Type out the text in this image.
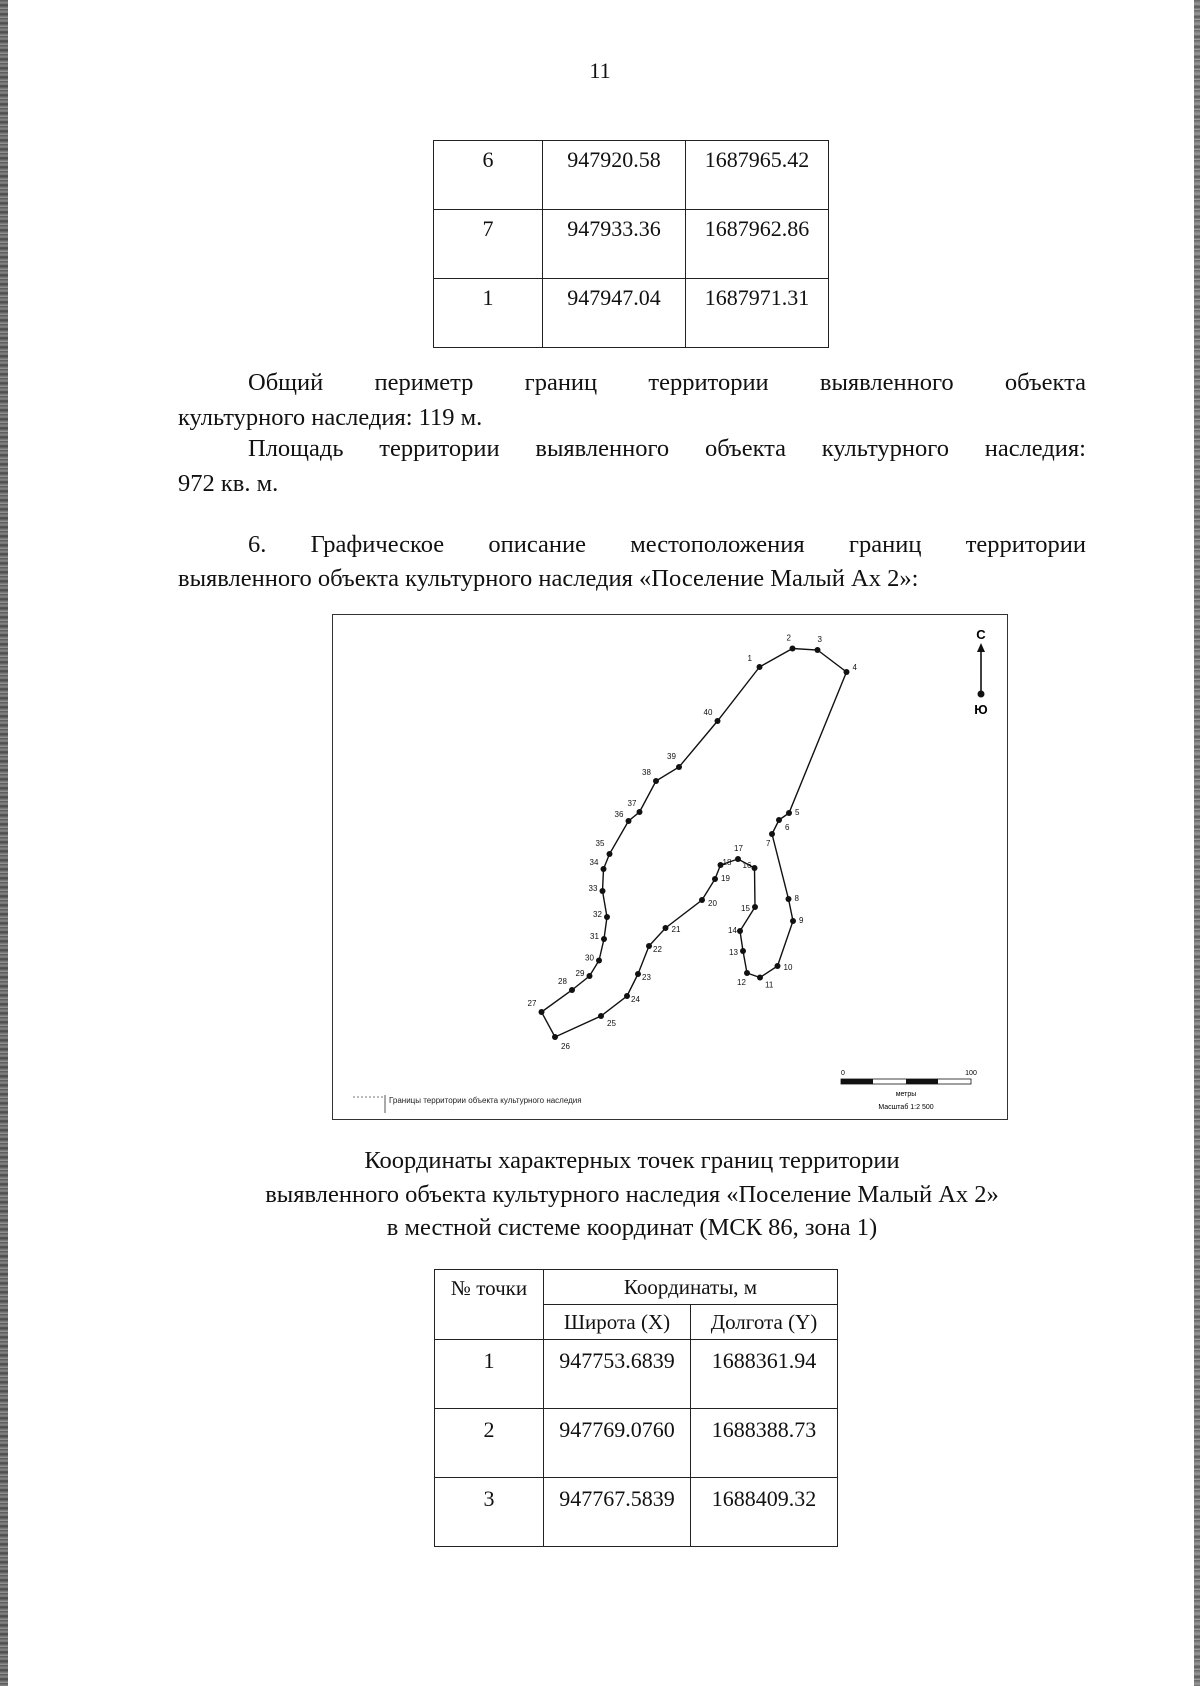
11
6	947920.58	1687965.42
7	947933.36	1687962.86
1	947947.04	1687971.31
Общий периметр границ территории выявленного объекта
культурного наследия: 119 м.
Площадь территории выявленного объекта культурного наследия:
972 кв. м.
6. Графическое описание местоположения границ территории
выявленного объекта культурного наследия «Поселение Малый Ах 2»:
1
2	3
4
5
6
7
8
9
10
11
12
13
14
15
16
17
18
19
20
21
22
23
24
25
26
27
28
29
30
31
32
33
34
35
36
37
38
39
40
С
Ю
Границы территории объекта культурного наследия
0	100
метры
Масштаб 1:2 500
Координаты характерных точек границ территории
выявленного объекта культурного наследия «Поселение Малый Ах 2»
в местной системе координат (МСК 86, зона 1)
№ точки	Координаты, м	
	Широта (X)	Долгота (Y)
1	947753.6839	1688361.94
2	947769.0760	1688388.73
3	947767.5839	1688409.32
